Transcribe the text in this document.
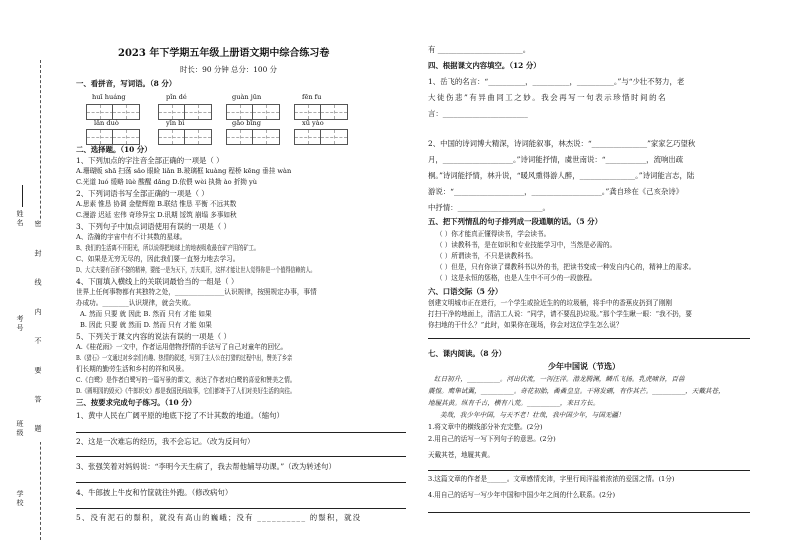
姓名
考号
班级
学校
密 封 线 内 不 要 答 题
2023 年下学期五年级上册语文期中综合练习卷
时长：90 分钟 总分：100 分
一、看拼音，写词语。（8 分）
huī huáng	pǐn dé	guàn jūn	fēn fu
lǎn duò	yīn bì	gāo bīng	xū yào
二、选择题。（10 分）
1、下列加点的字注音全部正确的一项是（ ）
A.珊瑚贩 shā 扫荡 sǎo 眼睑 liǎn B.玻璃框 kuàng 程桥 kēng 垂挂 wàn
C.光道 luó 缓略 lüè 酸醒 dǎng D.依偎 wèi 执拗 ào 折拗 yù
2、下列词语书写全部正确的一项是（ ）
A.思素 惟恳 协调 金壁辉煌 B.联结 惟恳 平衡 不远其数
C.漫游 迟延 宏伟 奇珍异宝 D.讯期 馁筑 崩塌 多事如秋
3、下列句子中加点词语使用有误的一项是（ ）
A、浩瀚的宇宙中有不计其数的星球。
B、我们的生活离不开阳光，所以说得把地球上的地表吸收最在矿产用的矿工。
C、如果是无穷无尽的，因此我们要一直努力地去学习。
D、大丈夫要有百折不挠的精神，要能一是为天下，万夫莫开，这样才能让世人觉得你是一个值得信赖的人。
4、下面填入横线上的关联词最恰当的一组是（ ）
世界上任何事物都有其独特之处，_______________认识规律，按照规定办事，事情
办成功。________认识规律，就会失败。
A. 然而 只要 就 因此 B. 然而 只有 才能 如果
B. 因此 只要 就 然而 D. 然而 只有 才能 如果
5、下列关于课文内容的说法有误的一项是（ ）
A.《桂花雨》一文中，作者运用借物抒情的手法写了自己对童年的回忆。
B.《猎石》一文通过对乡亲们有趣、热情的叙述，写到了主人公在打猎的过程中出，赞美了乡亲
们长期的勤劳生活和乡村的祥和风景。
C.《白鹭》是作者白鹭写的一篇写景的课文，表达了作者对白鹭的喜爱和赞美之情。
D.《圆明园的毁灭》《牛郎织女》都是我国民间故事，它们都寄予了人们对美好生活的向往。
三、按要求完成句子练习。（10 分）
1、黄中人民在广阔平原的地底下挖了不计其数的地道。（缩句）
2、这是一次难忘的经历，我不会忘记。（改为反问句）
3、张强笑着对妈妈说：“李明今天生病了，我去帮他辅导功课。”（改为转述句）
4、牛郎披上牛皮和竹筐就往外跑。（修改病句）
5、没有泥石的鬃积，就没有高山的巍峨；没有 __________ 的鬃积，就没
有 _______________________。
四、根据课文内容填空。（12 分）
1、岳飞的名言：“__________，__________，__________。”与“少壮不努力，老
大徒伤悲”有异曲同工之妙。我会再写一句表示珍惜时间的名
言：_______________________
2、中国的诗词博大精深，诗词能叙事，林杰说：“_______________”家家乞巧望秋
月，___________________。”诗词能抒情，虞世南说：“___________，流响出疏
桐。”诗词能抒情，林升说，“暖风熏得游人醉，_______________。”诗词能言志，陆
游说：“___________________，___________________。”龚自珍在《己亥杂诗》
中抒情：_______________________。
五、把下列情乱的句子排列成一段通顺的话。（5 分）
（ ）你才能真正懂得读书，学会读书。
（ ）读教科书，是在如识和专业技能学习中，当然是必需的。
（ ）所谓读书，不只是读教科书。
（ ）但是，只有你读了课教科书以外的书，把读书变成一种发自内心的，精神上的需求。
（ ）这是永恒的惩格，也是人生中不可少的一段旅程。
六、口语交际（5 分）
创建文明城市正在进行，一个学生或捡近生的的垃圾桶，将手中的香蕉皮扔到了刚刚
打扫干净的地面上，清洁工人说：“同学，请不要乱扔垃圾。”那个学生瞅一眼：“我不扔，要
你扫地的干什么？”此时，如果你在现场，你会对这位学生怎么说？
七、课内阅读。（8 分）
少年中国说（节选）
红日初升，__________。河出伏流，一泻汪洋。潜龙腾渊，鳞爪飞扬。乳虎啸谷，百兽
震惶。鹰隼试翼，__________。奇花初胎，矞矞皇皇。干将发硎，有作其芒。__________，天戴其苍，
地履其黄。纵有千古，横有八荒。__________，来日方长。
美哉，我少年中国，与天不老！壮哉，我中国少年，与国无疆！
1.将文章中的横线部分补充完整。(2分)
2.用自己的话写一写下列句子的意思。(2分)
天戴其苍，地履其黄。
3.这篇文章的作者是______。文章感情充沛，字里行间洋溢着浓浓的爱国之情。(1分)
4.用自己的话写一写少年中国和中国少年之间的什么联系。(2分)
